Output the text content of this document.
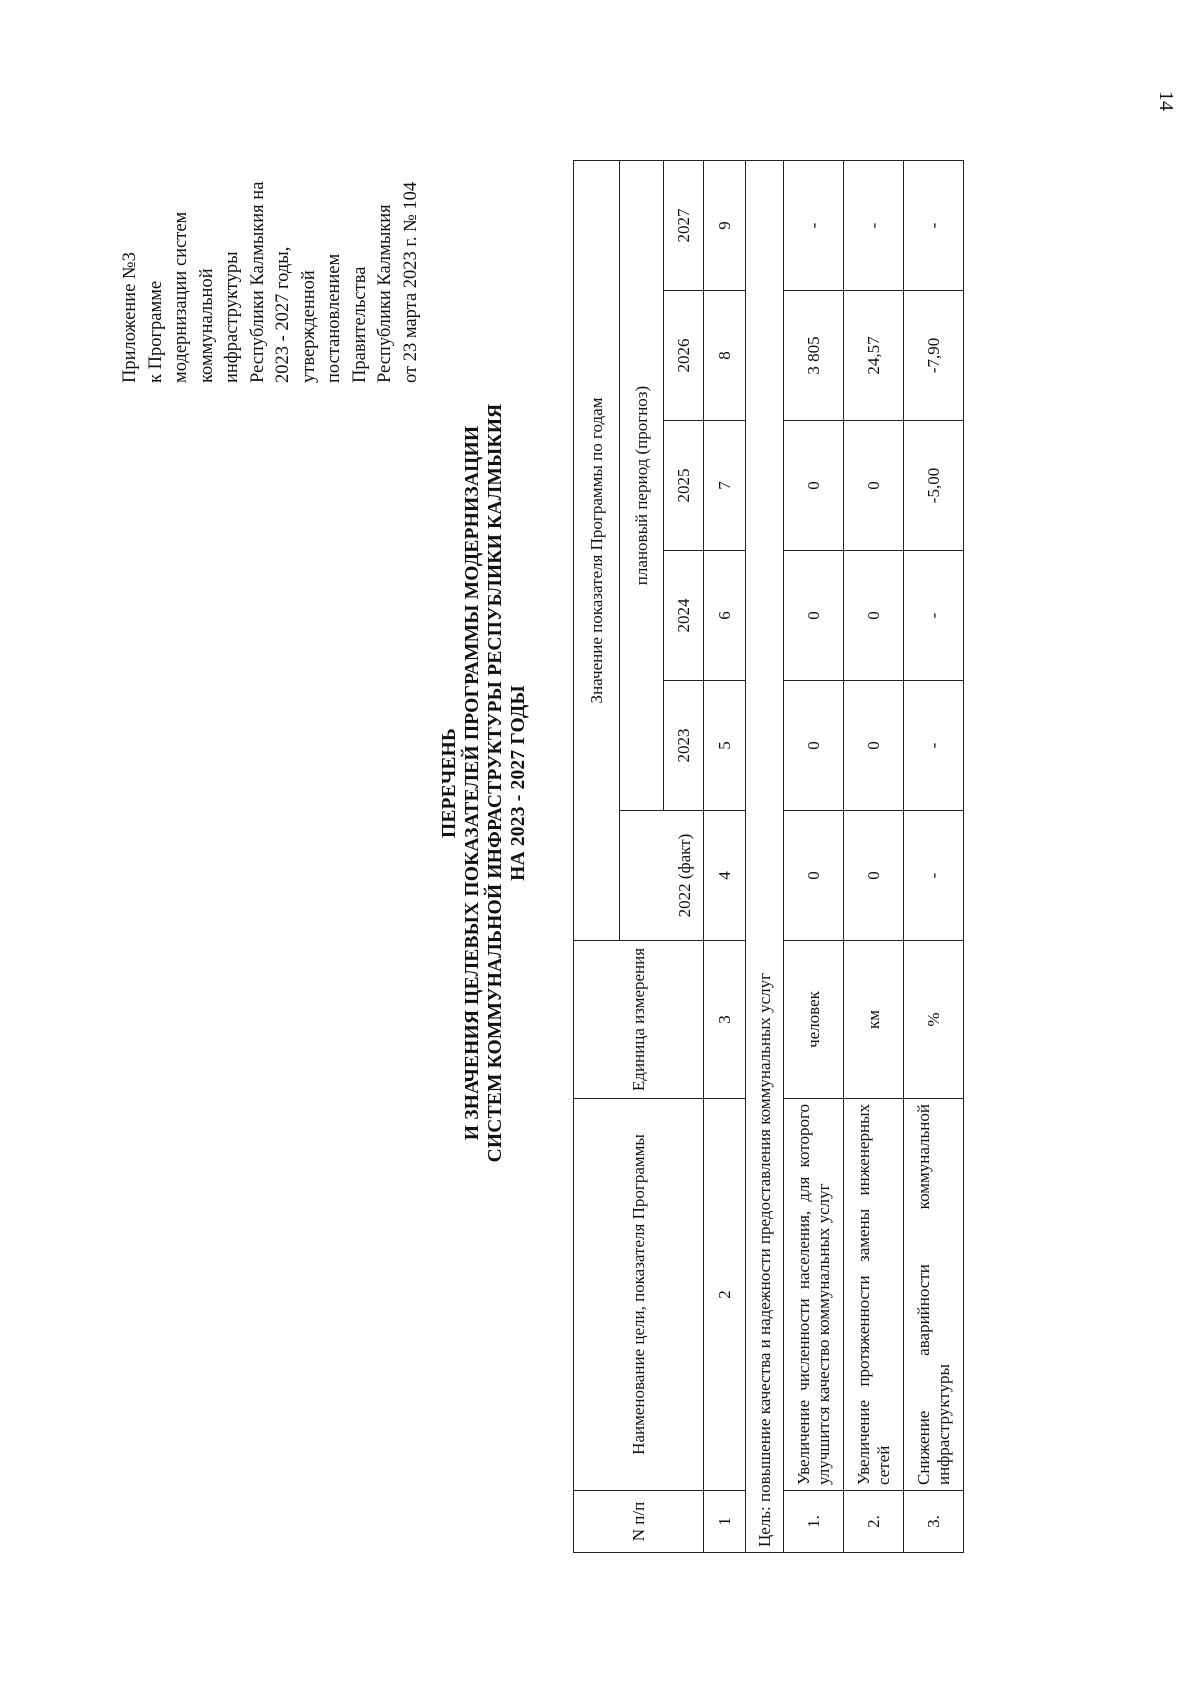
14
Приложение №3 к Программе модернизации систем коммунальной инфраструктуры Республики Калмыкия на 2023 - 2027 годы, утвержденной постановлением Правительства Республики Калмыкия от 23 марта 2023 г. № 104
ПЕРЕЧЕНЬ И ЗНАЧЕНИЯ ЦЕЛЕВЫХ ПОКАЗАТЕЛЕЙ ПРОГРАММЫ МОДЕРНИЗАЦИИ СИСТЕМ КОММУНАЛЬНОЙ ИНФРАСТРУКТУРЫ РЕСПУБЛИКИ КАЛМЫКИЯ НА 2023 - 2027 ГОДЫ
N п/п	Наименование цели, показателя Программы	Единица измерения	Значение показателя Программы по годам					
			2022 (факт)	плановый период (прогноз)				
				2023	2024	2025	2026	2027
1	2	3	4	5	6	7	8	9
Цель: повышение качества и надежности предоставления коммунальных услуг								
1.	Увеличение численности населения, для которого улучшится качество коммунальных услуг	человек	0	0	0	0	3 805	-
2.	Увеличение протяженности замены инженерных сетей	км	0	0	0	0	24,57	-
3.	Снижение аварийности коммунальной инфраструктуры	%	-	-	-	-5,00	-7,90	-
